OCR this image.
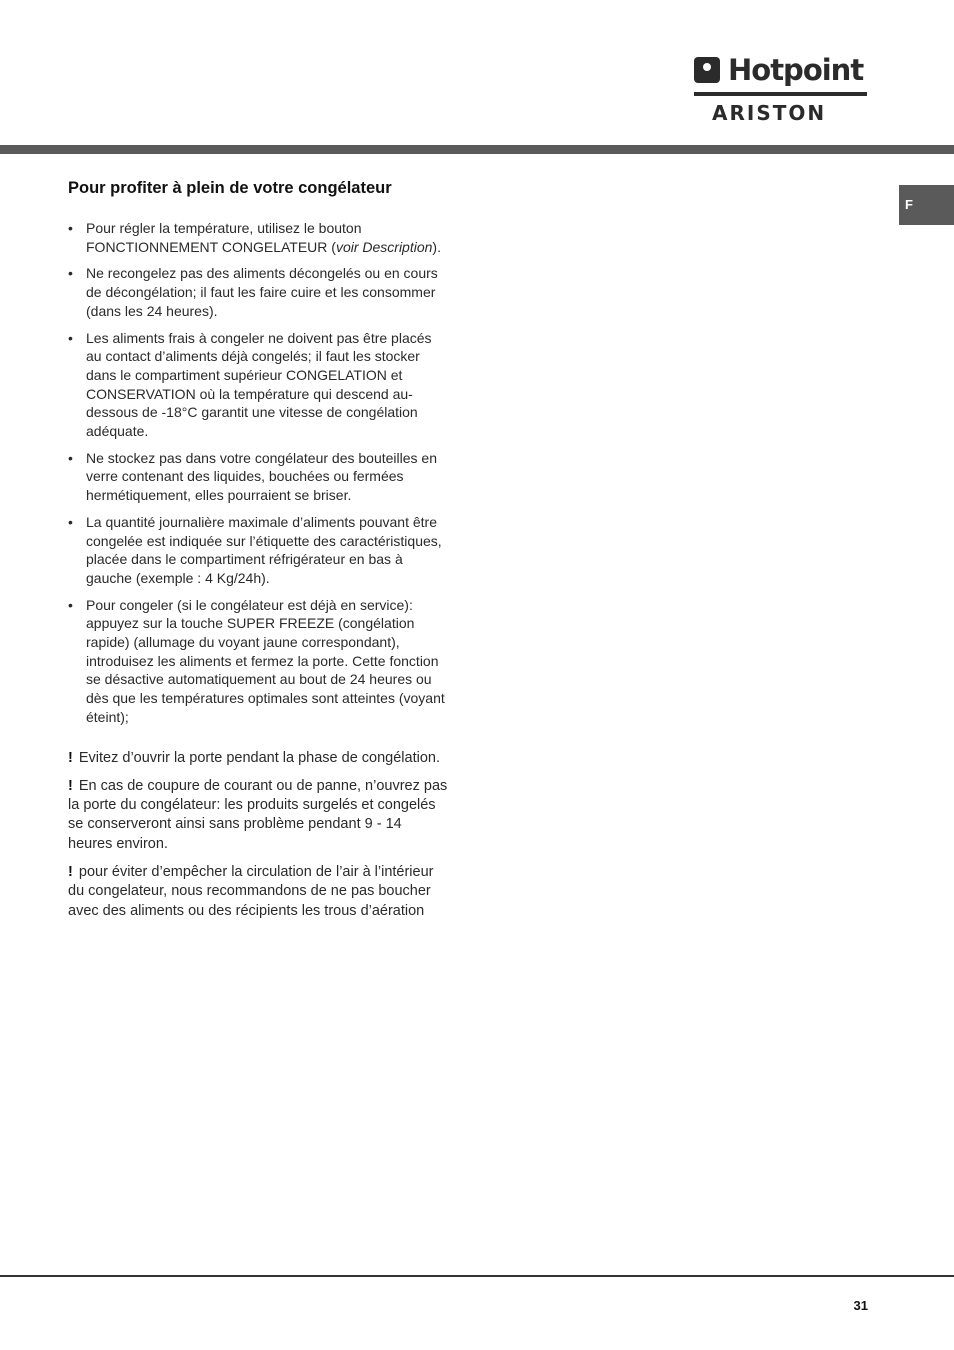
Hotpoint
ARISTON
F
Pour profiter à plein de votre congélateur
• Pour régler la température, utilisez le bouton FONCTIONNEMENT CONGELATEUR (voir Description).
• Ne recongelez pas des aliments décongelés ou en cours de décongélation; il faut les faire cuire et les consommer (dans les 24 heures).
• Les aliments frais à congeler ne doivent pas être placés au contact d’aliments déjà congelés; il faut les stocker dans le compartiment supérieur CONGELATION et CONSERVATION où la température qui descend au-dessous de -18°C garantit une vitesse de congélation adéquate.
• Ne stockez pas dans votre congélateur des bouteilles en verre contenant des liquides, bouchées ou fermées hermétiquement, elles pourraient se briser.
• La quantité journalière maximale d’aliments pouvant être congelée est indiquée sur l’étiquette des caractéristiques, placée dans le compartiment réfrigérateur en bas à gauche (exemple : 4 Kg/24h).
• Pour congeler (si le congélateur est déjà en service): appuyez sur la touche SUPER FREEZE (congélation rapide) (allumage du voyant jaune correspondant), introduisez les aliments et fermez la porte. Cette fonction se désactive automatiquement au bout de 24 heures ou dès que les températures optimales sont atteintes (voyant éteint);

! Evitez d’ouvrir la porte pendant la phase de congélation.

! En cas de coupure de courant ou de panne, n’ouvrez pas la porte du congélateur: les produits surgelés et congelés se conserveront ainsi sans problème pendant 9 - 14 heures environ.

! pour éviter d’empêcher la circulation de l’air à l’intérieur du congelateur, nous recommandons de ne pas boucher avec des aliments ou des récipients les trous d’aération

31
